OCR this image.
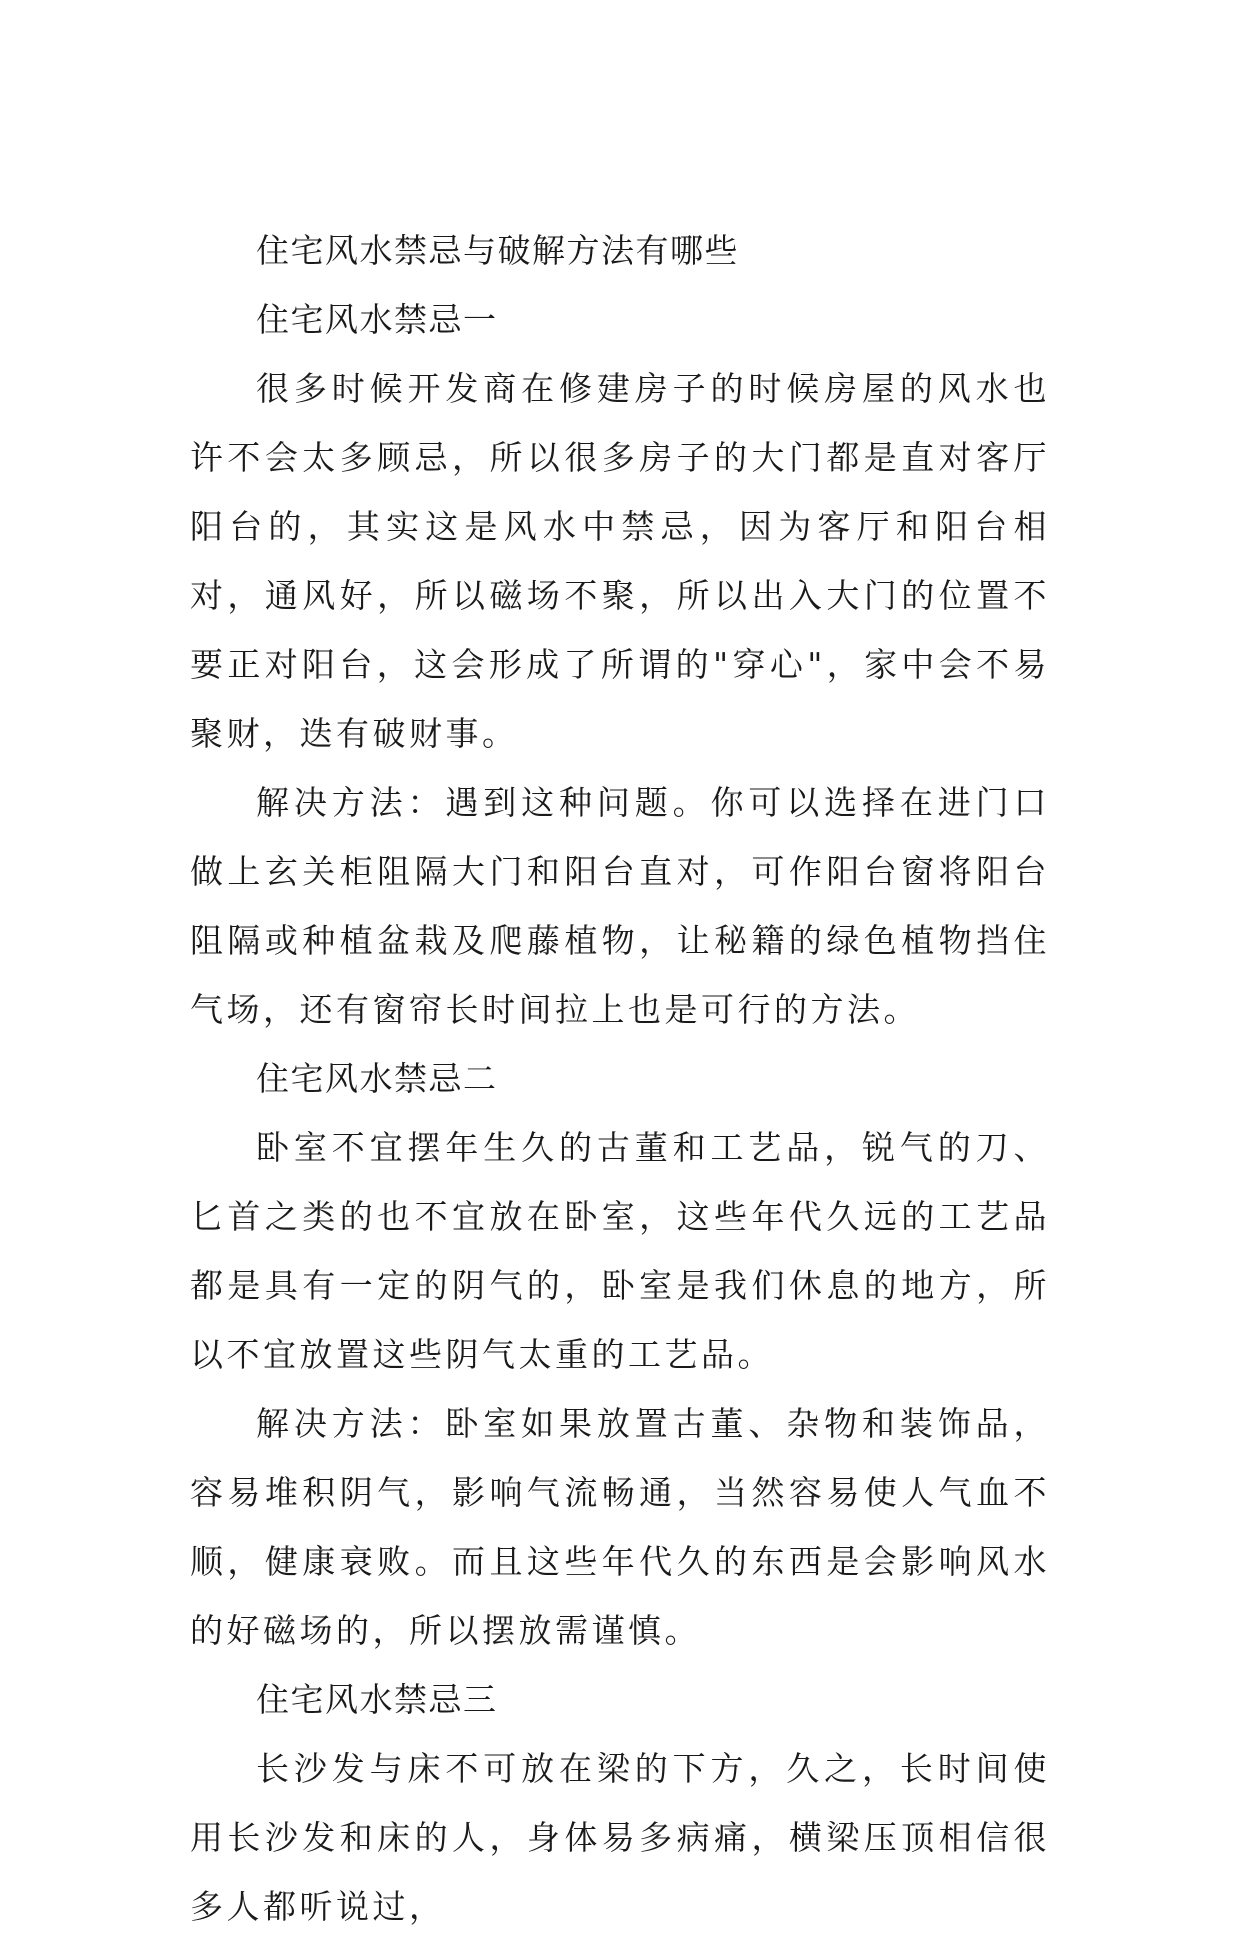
住宅风水禁忌与破解方法有哪些

住宅风水禁忌一

很多时候开发商在修建房子的时候房屋的风水也许不会太多顾忌，所以很多房子的大门都是直对客厅阳台的，其实这是风水中禁忌，因为客厅和阳台相对，通风好，所以磁场不聚，所以出入大门的位置不要正对阳台，这会形成了所谓的"穿心"，家中会不易聚财，迭有破财事。

解决方法：遇到这种问题。你可以选择在进门口做上玄关柜阻隔大门和阳台直对，可作阳台窗将阳台阻隔或种植盆栽及爬藤植物，让秘籍的绿色植物挡住气场，还有窗帘长时间拉上也是可行的方法。

住宅风水禁忌二

卧室不宜摆年生久的古董和工艺品，锐气的刀、匕首之类的也不宜放在卧室，这些年代久远的工艺品都是具有一定的阴气的，卧室是我们休息的地方，所以不宜放置这些阴气太重的工艺品。

解决方法：卧室如果放置古董、杂物和装饰品，容易堆积阴气，影响气流畅通，当然容易使人气血不顺，健康衰败。而且这些年代久的东西是会影响风水的好磁场的，所以摆放需谨慎。

住宅风水禁忌三

长沙发与床不可放在梁的下方，久之，长时间使用长沙发和床的人，身体易多病痛，横梁压顶相信很多人都听说过，
